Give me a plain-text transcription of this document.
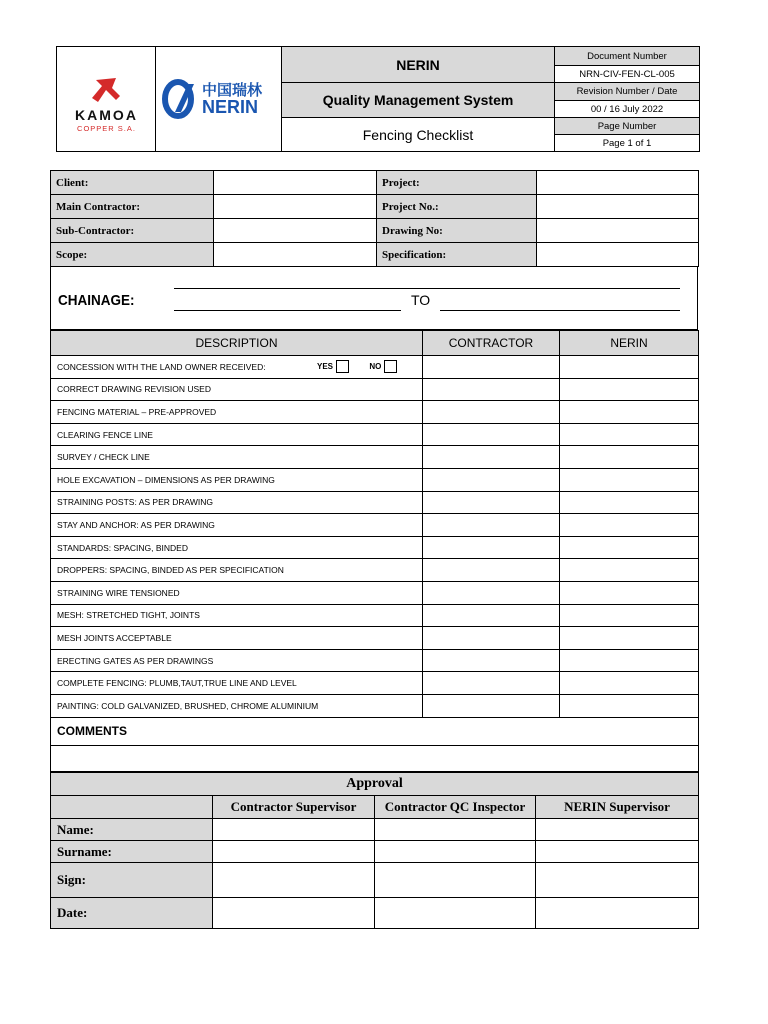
KAMOA
COPPER S.A.	中国瑞林
NERIN	NERIN	Document Number
			NRN-CIV-FEN-CL-005
		Quality Management System	Revision Number / Date
			00 / 16 July 2022
		Fencing Checklist	Page Number
			Page 1 of 1
Client:		Project:	
Main Contractor:		Project No.:	
Sub-Contractor:		Drawing No:	
Scope:		Specification:	
CHAINAGE:	TO
DESCRIPTION	CONTRACTOR	NERIN
CONCESSION WITH THE LAND OWNER RECEIVED: YES NO		

CORRECT DRAWING REVISION USED		
FENCING MATERIAL – PRE-APPROVED		
CLEARING FENCE LINE		
SURVEY / CHECK LINE		
HOLE EXCAVATION – DIMENSIONS AS PER DRAWING		
STRAINING POSTS: AS PER DRAWING		
STAY AND ANCHOR: AS PER DRAWING		
STANDARDS: SPACING, BINDED		
DROPPERS: SPACING, BINDED AS PER SPECIFICATION		
STRAINING WIRE TENSIONED		
MESH: STRETCHED TIGHT, JOINTS		
MESH JOINTS ACCEPTABLE		
ERECTING GATES AS PER DRAWINGS		
COMPLETE FENCING: PLUMB,TAUT,TRUE LINE AND LEVEL		
PAINTING: COLD GALVANIZED, BRUSHED, CHROME ALUMINIUM		
COMMENTS		

Approval			
	Contractor Supervisor	Contractor QC Inspector	NERIN Supervisor
Name:			
Surname:			
Sign:			
Date:			
